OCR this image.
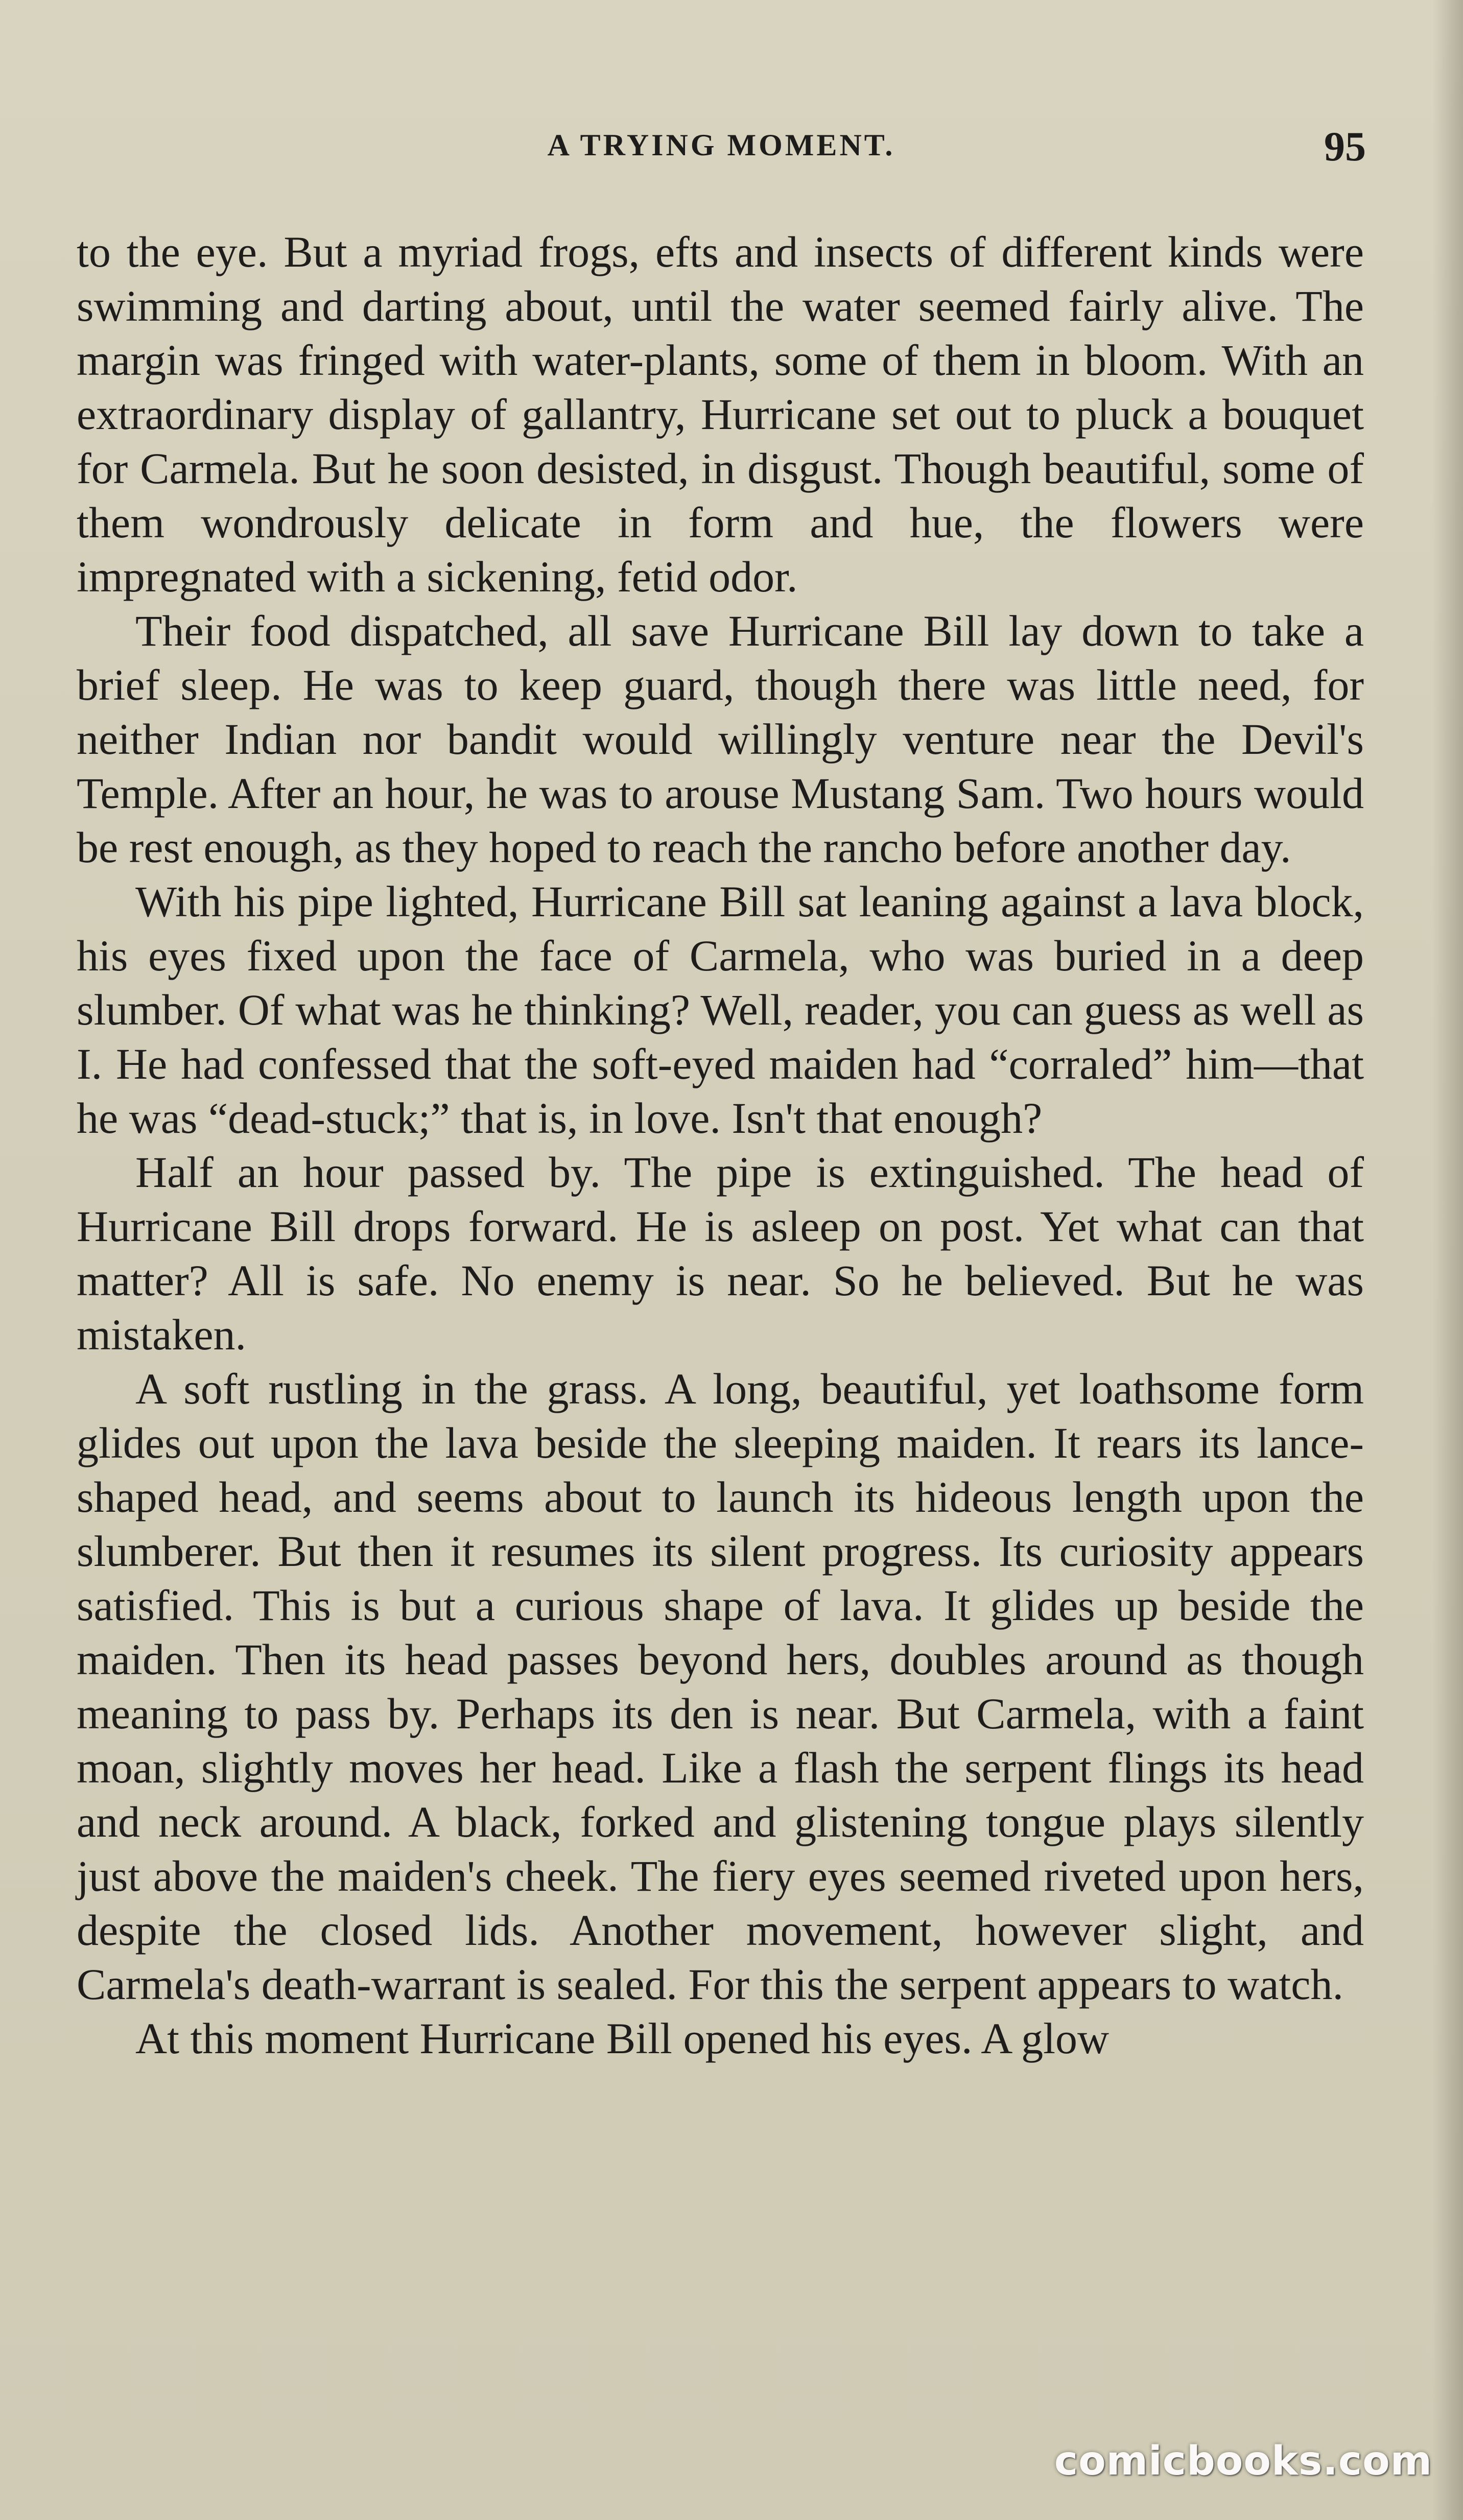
A TRYING MOMENT.	95

to the eye. But a myriad frogs, efts and insects of different kinds were swimming and darting about, until the water seemed fairly alive. The margin was fringed with water-plants, some of them in bloom. With an extraordinary display of gallantry, Hurricane set out to pluck a bouquet for Carmela. But he soon desisted, in disgust. Though beautiful, some of them wondrously delicate in form and hue, the flowers were impregnated with a sickening, fetid odor.

Their food dispatched, all save Hurricane Bill lay down to take a brief sleep. He was to keep guard, though there was little need, for neither Indian nor bandit would willingly venture near the Devil's Temple. After an hour, he was to arouse Mustang Sam. Two hours would be rest enough, as they hoped to reach the rancho before another day.

With his pipe lighted, Hurricane Bill sat leaning against a lava block, his eyes fixed upon the face of Carmela, who was buried in a deep slumber. Of what was he thinking? Well, reader, you can guess as well as I. He had confessed that the soft-eyed maiden had “corraled” him—that he was “dead-stuck;” that is, in love. Isn't that enough?

Half an hour passed by. The pipe is extinguished. The head of Hurricane Bill drops forward. He is asleep on post. Yet what can that matter? All is safe. No enemy is near. So he believed. But he was mistaken.

A soft rustling in the grass. A long, beautiful, yet loathsome form glides out upon the lava beside the sleeping maiden. It rears its lance-shaped head, and seems about to launch its hideous length upon the slumberer. But then it resumes its silent progress. Its curiosity appears satisfied. This is but a curious shape of lava. It glides up beside the maiden. Then its head passes beyond hers, doubles around as though meaning to pass by. Perhaps its den is near. But Carmela, with a faint moan, slightly moves her head. Like a flash the serpent flings its head and neck around. A black, forked and glistening tongue plays silently just above the maiden's cheek. The fiery eyes seemed riveted upon hers, despite the closed lids. Another movement, however slight, and Carmela's death-warrant is sealed. For this the serpent appears to watch.

At this moment Hurricane Bill opened his eyes. A glow

comicbooks.com
